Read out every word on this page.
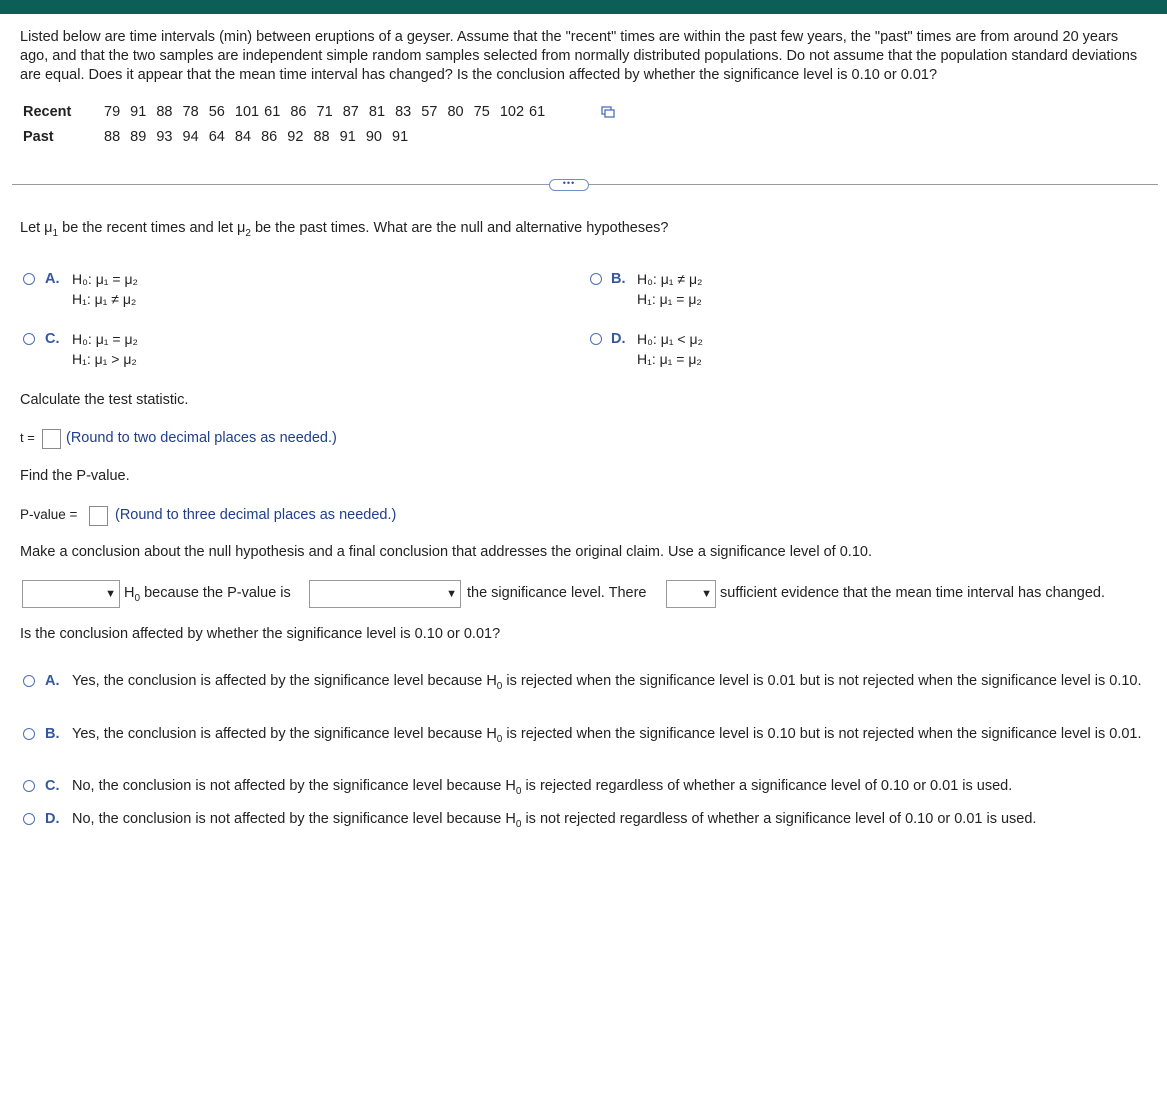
Listed below are time intervals (min) between eruptions of a geyser. Assume that the "recent" times are within the past few years, the "past" times are from around 20 years ago, and that the two samples are independent simple random samples selected from normally distributed populations. Do not assume that the population standard deviations are equal. Does it appear that the mean time interval has changed? Is the conclusion affected by whether the significance level is 0.10 or 0.01?
Recent 79  91  88  78  56  101 61  86  71  87  81  83  57  80  75  102 61
Past	88  89  93  94  64  84  86  92  88  91  90  91
•••
Let $\mu_1$ be the recent times and let $\mu_2$ be the past times. What are the null and alternative hypotheses?
A. H₀: μ₁ = μ₂
H₁: μ₁ ≠ μ₂
B. H₀: μ₁ ≠ μ₂
H₁: μ₁ = μ₂
C. H₀: μ₁ = μ₂
H₁: μ₁ > μ₂
D. H₀: μ₁ < μ₂
H₁: μ₁ = μ₂
Calculate the test statistic.
t = (Round to two decimal places as needed.)
Find the P-value.
P-value =	(Round to three decimal places as needed.)
Make a conclusion about the null hypothesis and a final conclusion that addresses the original claim. Use a significance level of 0.10.
▼ $H_0$ because the P-value is	▼ the significance level. There	▼ sufficient evidence that the mean time interval has changed.
Is the conclusion affected by whether the significance level is 0.10 or 0.01?
A. Yes, the conclusion is affected by the significance level because $H_0$ is rejected when the significance level is 0.01 but is not rejected when the significance level is 0.10.
B. Yes, the conclusion is affected by the significance level because $H_0$ is rejected when the significance level is 0.10 but is not rejected when the significance level is 0.01.
C. No, the conclusion is not affected by the significance level because $H_0$ is rejected regardless of whether a significance level of 0.10 or 0.01 is used.
D. No, the conclusion is not affected by the significance level because $H_0$ is not rejected regardless of whether a significance level of 0.10 or 0.01 is used.
